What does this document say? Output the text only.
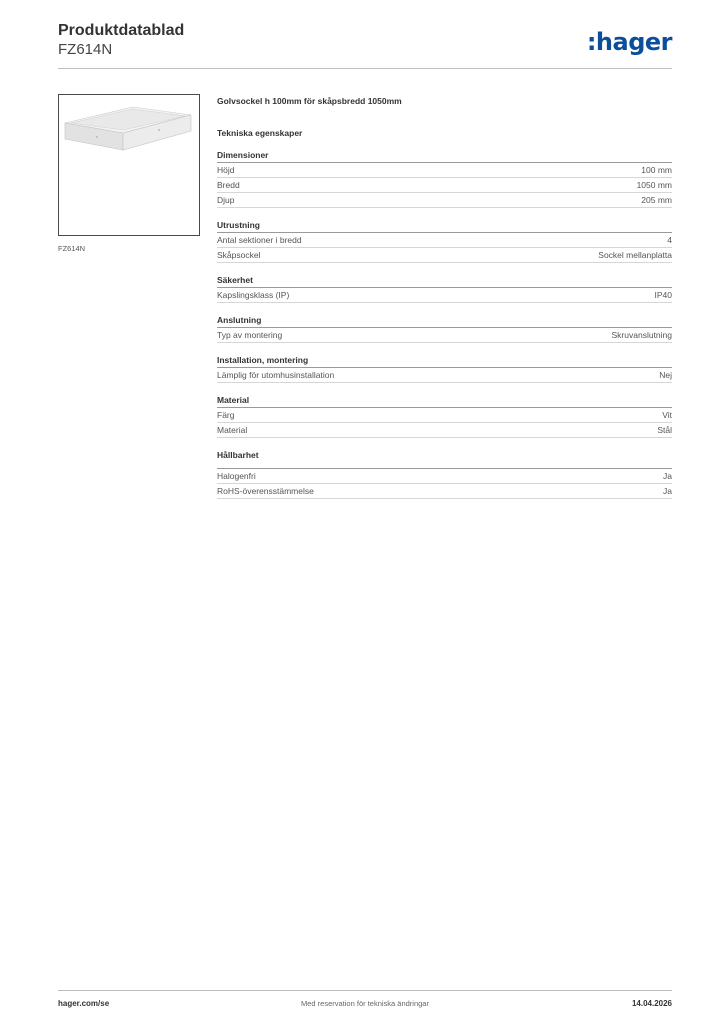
Produktdatablad
FZ614N	:hager
FZ614N
Golvsockel h 100mm för skåpsbredd 1050mm
Tekniska egenskaper
Dimensioner
Höjd	100 mm
Bredd	1050 mm
Djup	205 mm
Utrustning
Antal sektioner i bredd	4
Skåpsockel	Sockel mellanplatta
Säkerhet
Kapslingsklass (IP)	IP40
Anslutning
Typ av montering	Skruvanslutning
Installation, montering
Lämplig för utomhusinstallation	Nej
Material
Färg	Vit
Material	Stål
Hållbarhet
Halogenfri	Ja
RoHS-överensstämmelse	Ja
hager.com/se	Med reservation för tekniska ändringar	14.04.2026
